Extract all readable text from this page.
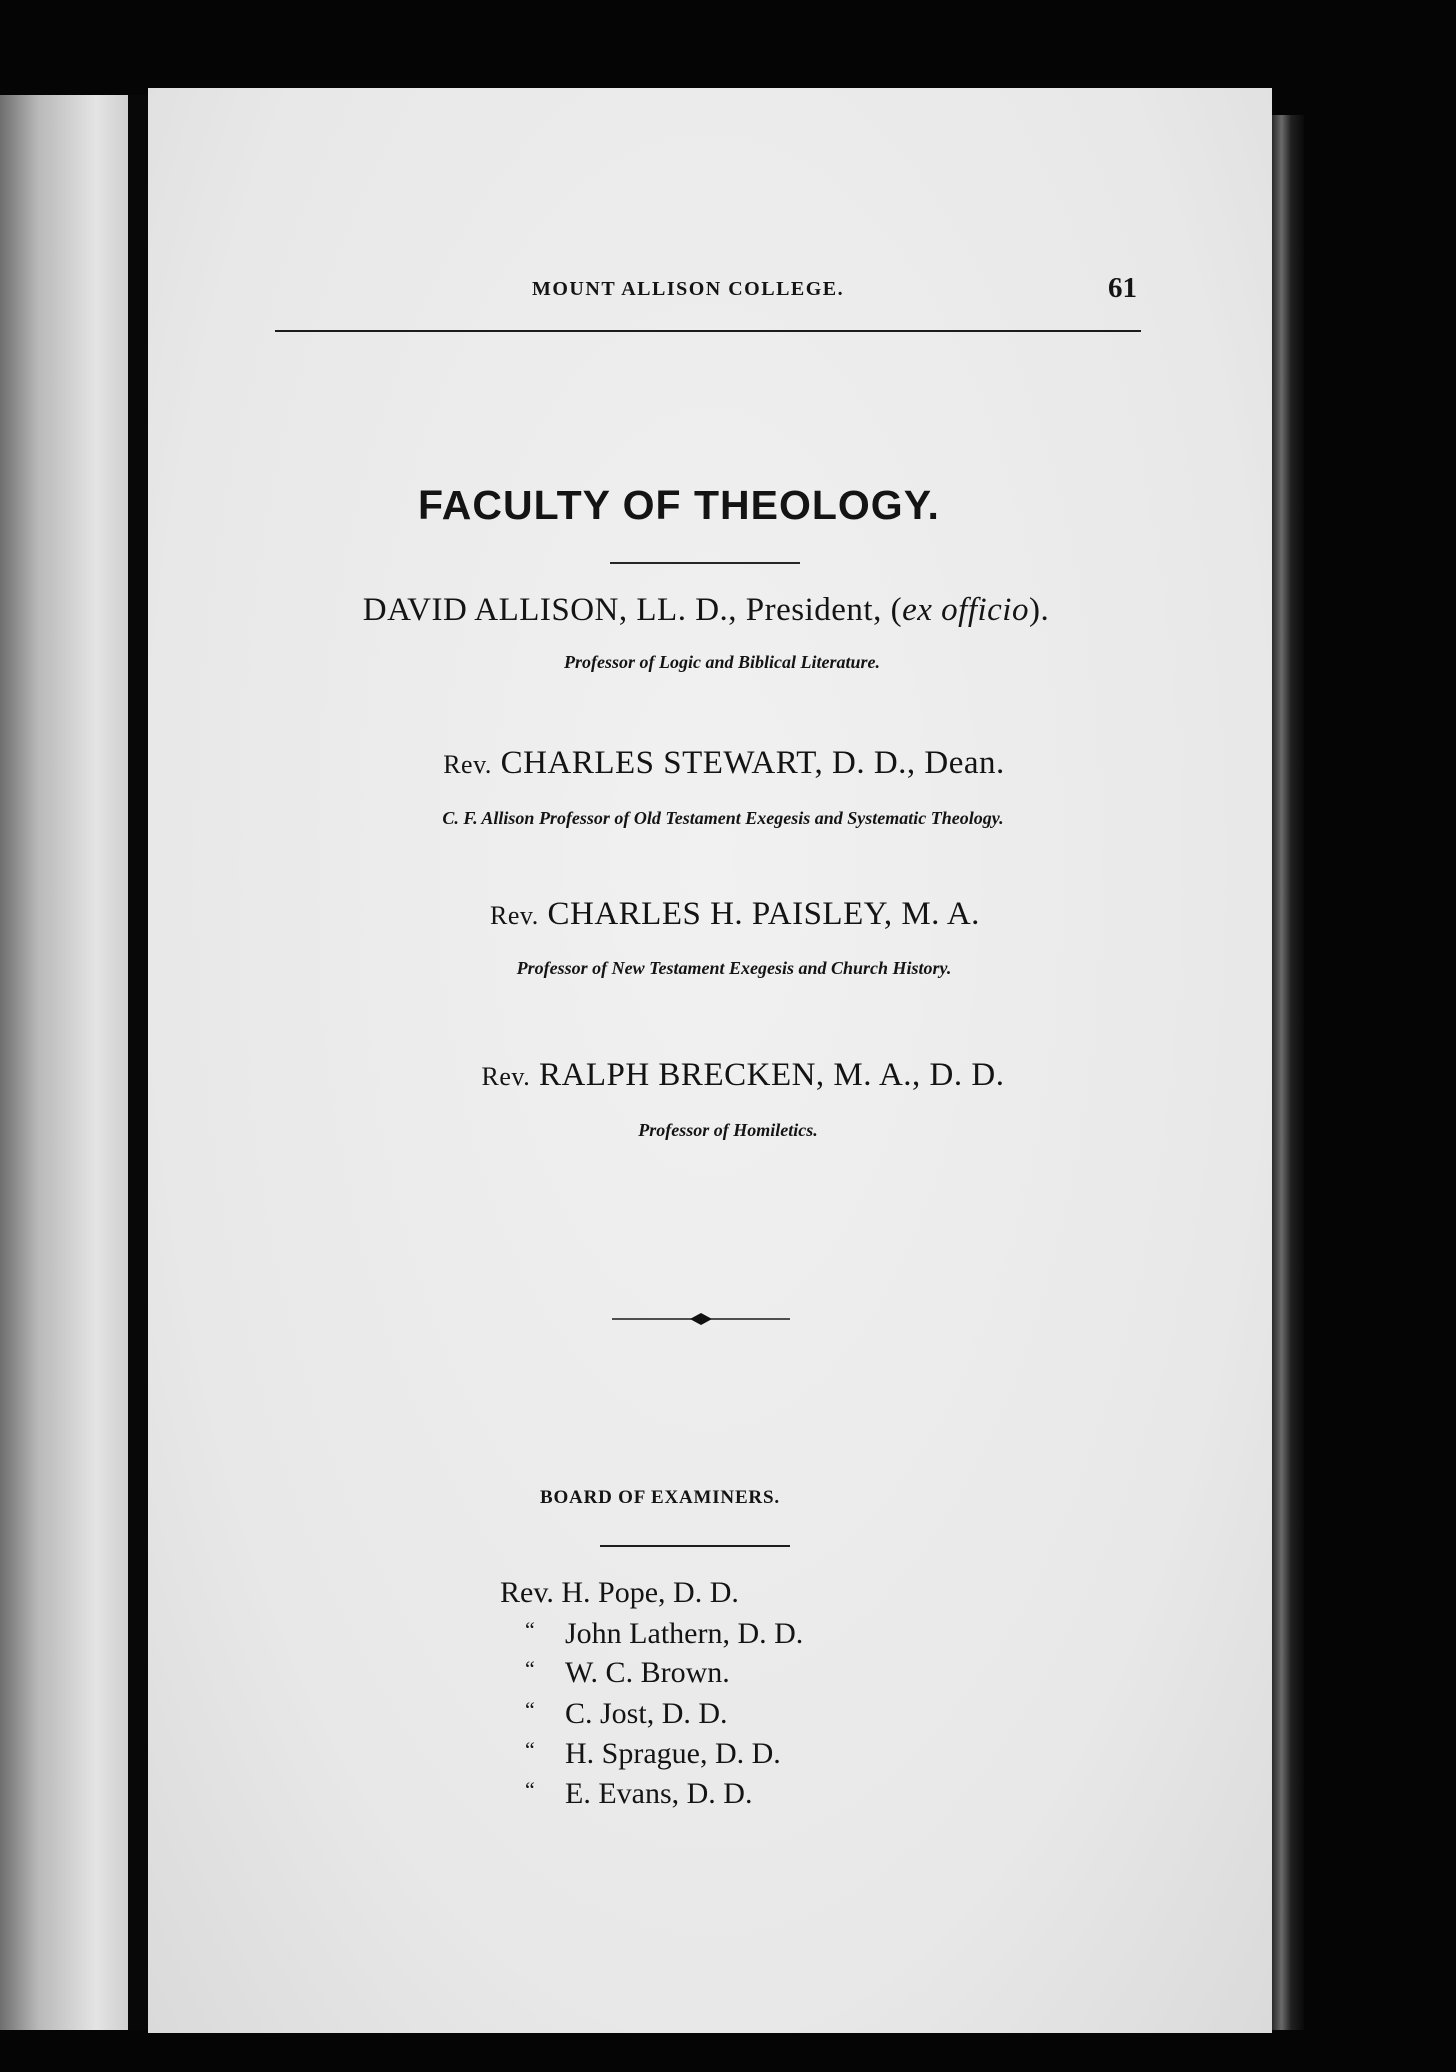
MOUNT ALLISON COLLEGE.	61
FACULTY OF THEOLOGY.
DAVID ALLISON, LL. D., President, (ex officio).
Professor of Logic and Biblical Literature.
Rev. CHARLES STEWART, D. D., Dean.
C. F. Allison Professor of Old Testament Exegesis and Systematic Theology.
Rev. CHARLES H. PAISLEY, M. A.
Professor of New Testament Exegesis and Church History.
Rev. RALPH BRECKEN, M. A., D. D.
Professor of Homiletics.
BOARD OF EXAMINERS.
Rev. H. Pope, D. D.
“ John Lathern, D. D.
“ W. C. Brown.
“ C. Jost, D. D.
“ H. Sprague, D. D.
“ E. Evans, D. D.
